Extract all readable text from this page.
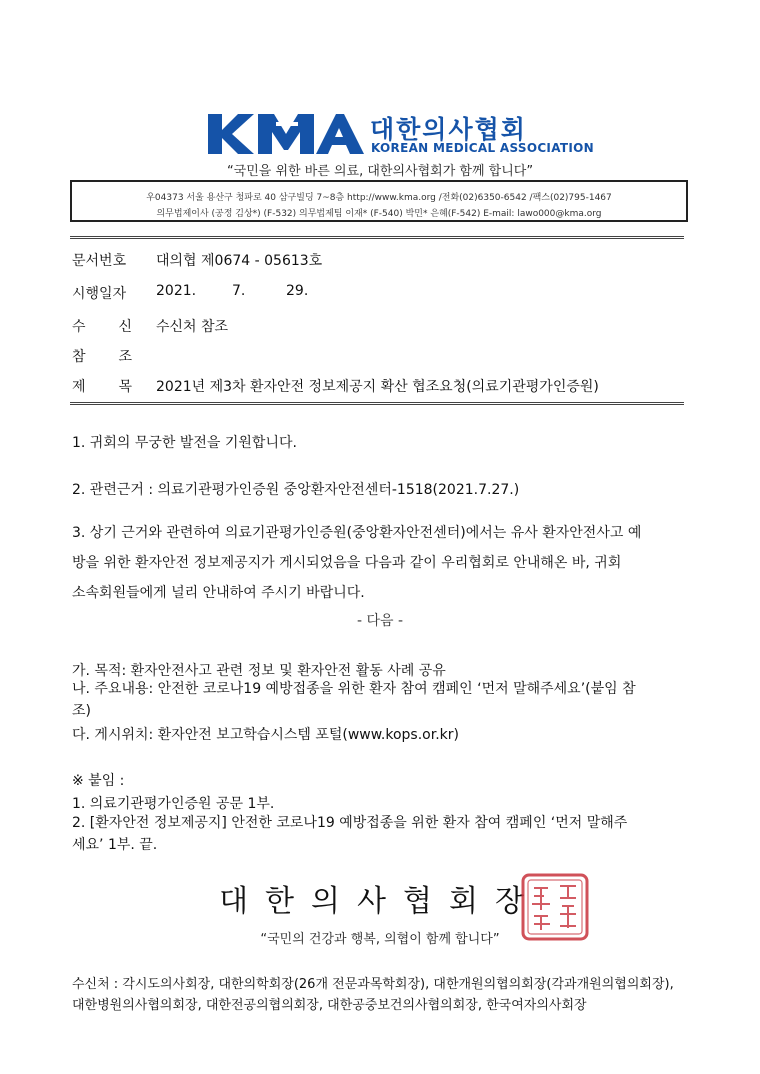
대한의사협회
KOREAN MEDICAL ASSOCIATION
“국민을 위한 바른 의료, 대한의사협회가 함께 합니다”
우04373 서울 용산구 청파로 40 삼구빌딩 7~8층 http://www.kma.org /전화(02)6350-6542 /팩스(02)795-1467
의무법제이사 (공정 김상*) (F-532) 의무법제팀 이재* (F-540) 박민* 은혜(F-542) E-mail: lawo000@kma.org
문서번호	대의협 제0674 - 05613호
시행일자	2021.	7.	29.
수 신 수신처 참조
참 조
제 목 2021년 제3차 환자안전 정보제공지 확산 협조요청(의료기관평가인증원)
1. 귀회의 무궁한 발전을 기원합니다.
2. 관련근거 : 의료기관평가인증원 중앙환자안전센터-1518(2021.7.27.)
3. 상기 근거와 관련하여 의료기관평가인증원(중앙환자안전센터)에서는 유사 환자안전사고 예
방을 위한 환자안전 정보제공지가 게시되었음을 다음과 같이 우리협회로 안내해온 바, 귀회
소속회원들에게 널리 안내하여 주시기 바랍니다.
- 다음 -
가. 목적: 환자안전사고 관련 정보 및 환자안전 활동 사례 공유
나. 주요내용: 안전한 코로나19 예방접종을 위한 환자 참여 캠페인 ‘먼저 말해주세요’(붙임 참
조)
다. 게시위치: 환자안전 보고학습시스템 포털(www.kops.or.kr)
※ 붙임 :
1. 의료기관평가인증원 공문 1부.
2. [환자안전 정보제공지] 안전한 코로나19 예방접종을 위한 환자 참여 캠페인 ‘먼저 말해주
세요’ 1부. 끝.
대한의사협회장
“국민의 건강과 행복, 의협이 함께 합니다”
수신처 : 각시도의사회장, 대한의학회장(26개 전문과목학회장), 대한개원의협의회장(각과개원의협의회장),
대한병원의사협의회장, 대한전공의협의회장, 대한공중보건의사협의회장, 한국여자의사회장
